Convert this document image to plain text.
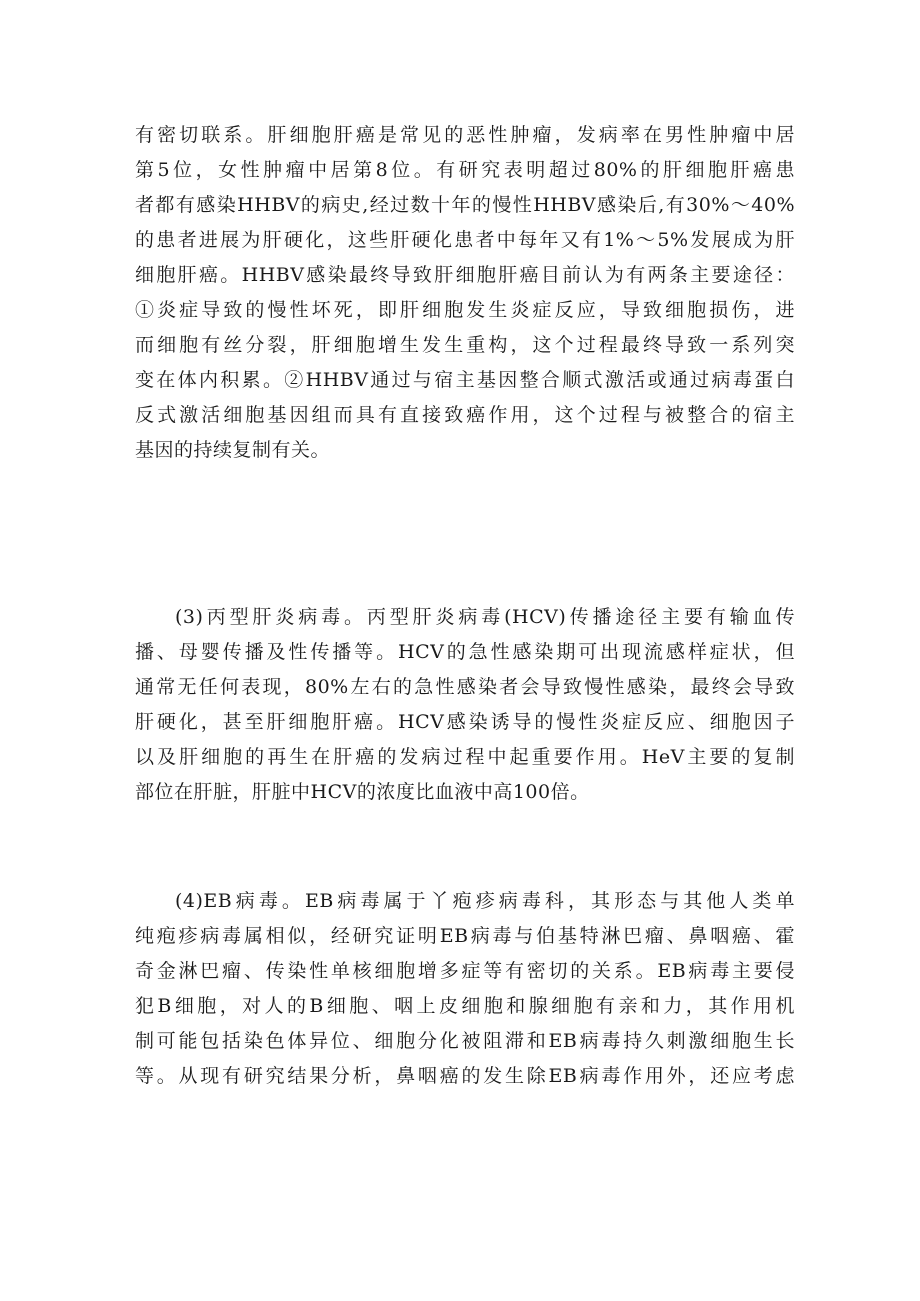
有密切联系。肝细胞肝癌是常见的恶性肿瘤，发病率在男性肿瘤中居
第5位，女性肿瘤中居第8位。有研究表明超过80%的肝细胞肝癌患
者都有感染HHBV的病史,经过数十年的慢性HHBV感染后,有30%～40%
的患者进展为肝硬化，这些肝硬化患者中每年又有1%～5%发展成为肝
细胞肝癌。HHBV感染最终导致肝细胞肝癌目前认为有两条主要途径：
①炎症导致的慢性坏死，即肝细胞发生炎症反应，导致细胞损伤，进
而细胞有丝分裂，肝细胞增生发生重构，这个过程最终导致一系列突
变在体内积累。②HHBV通过与宿主基因整合顺式激活或通过病毒蛋白
反式激活细胞基因组而具有直接致癌作用，这个过程与被整合的宿主
基因的持续复制有关。
(3)丙型肝炎病毒。丙型肝炎病毒(HCV)传播途径主要有输血传
播、母婴传播及性传播等。HCV的急性感染期可出现流感样症状，但
通常无任何表现，80%左右的急性感染者会导致慢性感染，最终会导致
肝硬化，甚至肝细胞肝癌。HCV感染诱导的慢性炎症反应、细胞因子
以及肝细胞的再生在肝癌的发病过程中起重要作用。HeV主要的复制
部位在肝脏，肝脏中HCV的浓度比血液中高100倍。
(4)EB病毒。EB病毒属于丫疱疹病毒科，其形态与其他人类单
纯疱疹病毒属相似，经研究证明EB病毒与伯基特淋巴瘤、鼻咽癌、霍
奇金淋巴瘤、传染性单核细胞增多症等有密切的关系。EB病毒主要侵
犯B细胞，对人的B细胞、咽上皮细胞和腺细胞有亲和力，其作用机
制可能包括染色体异位、细胞分化被阻滞和EB病毒持久刺激细胞生长
等。从现有研究结果分析，鼻咽癌的发生除EB病毒作用外，还应考虑
